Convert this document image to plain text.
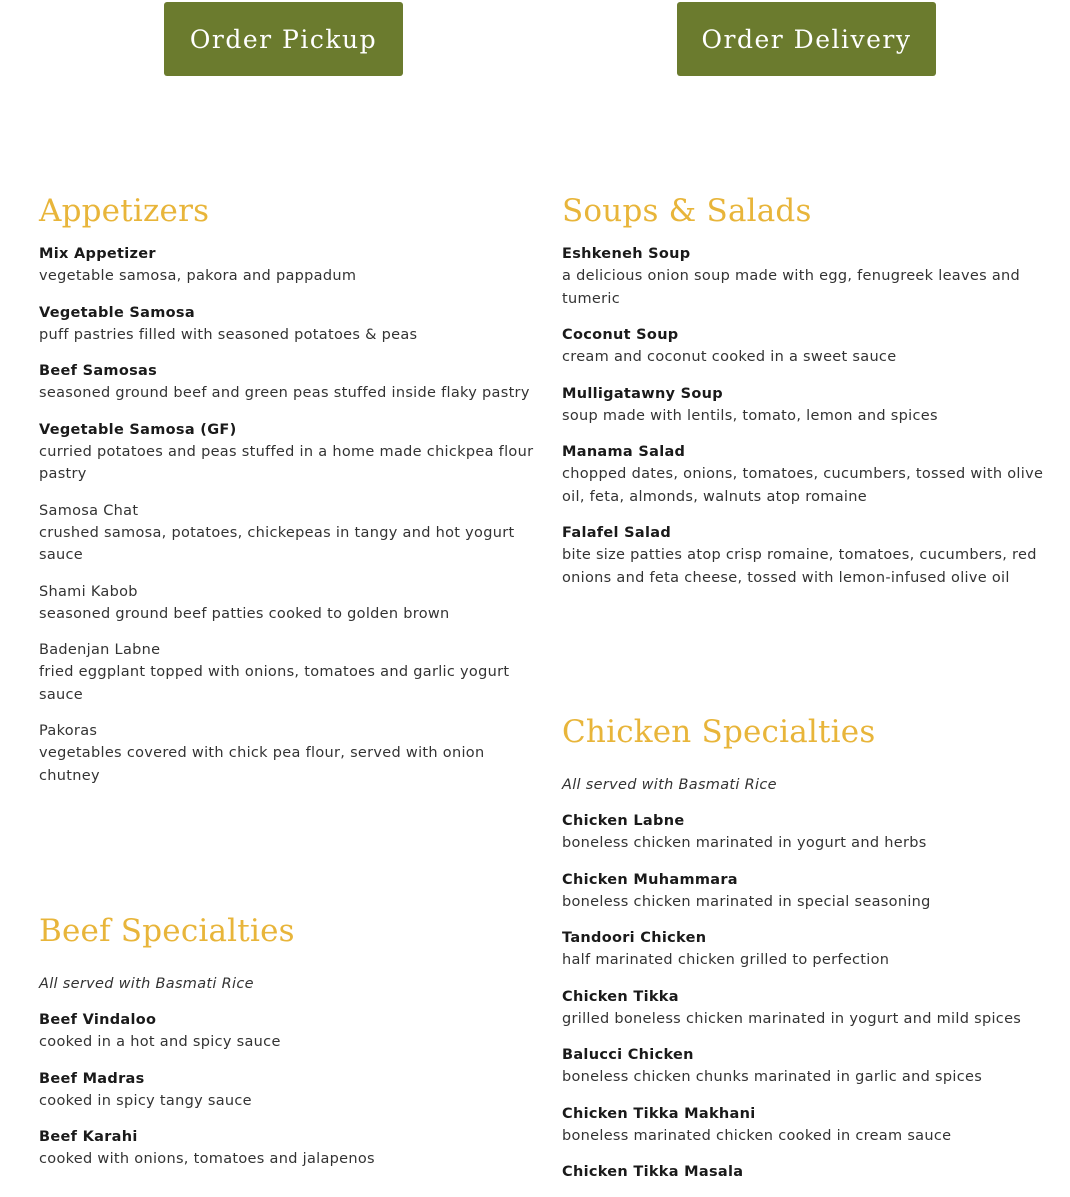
Order Pickup	Order Delivery
Appetizers
Mix Appetizer
vegetable samosa, pakora and pappadum
Vegetable Samosa
puff pastries filled with seasoned potatoes & peas
Beef Samosas
seasoned ground beef and green peas stuffed inside flaky pastry
Vegetable Samosa (GF)
curried potatoes and peas stuffed in a home made chickpea flour pastry
Samosa Chat
crushed samosa, potatoes, chickepeas in tangy and hot yogurt sauce
Shami Kabob
seasoned ground beef patties cooked to golden brown
Badenjan Labne
fried eggplant topped with onions, tomatoes and garlic yogurt sauce
Pakoras
vegetables covered with chick pea flour, served with onion chutney
Soups & Salads
Eshkeneh Soup
a delicious onion soup made with egg, fenugreek leaves and tumeric
Coconut Soup
cream and coconut cooked in a sweet sauce
Mulligatawny Soup
soup made with lentils, tomato, lemon and spices
Manama Salad
chopped dates, onions, tomatoes, cucumbers, tossed with olive oil, feta, almonds, walnuts atop romaine
Falafel Salad
bite size patties atop crisp romaine, tomatoes, cucumbers, red onions and feta cheese, tossed with lemon-infused olive oil
Chicken Specialties
All served with Basmati Rice
Chicken Labne
boneless chicken marinated in yogurt and herbs
Chicken Muhammara
boneless chicken marinated in special seasoning
Tandoori Chicken
half marinated chicken grilled to perfection
Chicken Tikka
grilled boneless chicken marinated in yogurt and mild spices
Balucci Chicken
boneless chicken chunks marinated in garlic and spices
Chicken Tikka Makhani
boneless marinated chicken cooked in cream sauce
Chicken Tikka Masala
Beef Specialties
All served with Basmati Rice
Beef Vindaloo
cooked in a hot and spicy sauce
Beef Madras
cooked in spicy tangy sauce
Beef Karahi
cooked with onions, tomatoes and jalapenos
